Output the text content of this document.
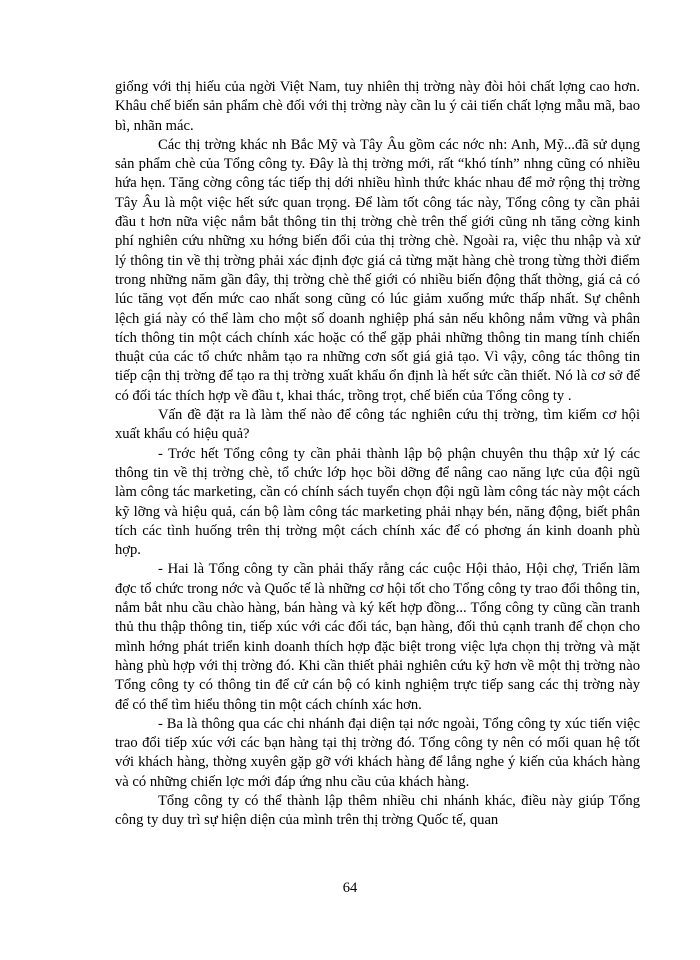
giống với thị hiếu của ngời Việt Nam, tuy nhiên thị trờng này đòi hỏi chất lợng cao hơn. Khâu chế biến sản phẩm chè đối với thị trờng này cần lu ý cải tiến chất lợng mẫu mã, bao bì, nhãn mác.

Các thị trờng khác nh Bắc Mỹ và Tây Âu gồm các nớc nh: Anh, Mỹ...đã sử dụng sản phẩm chè của Tổng công ty. Đây là thị trờng mới, rất “khó tính” nhng cũng có nhiều hứa hẹn. Tăng cờng công tác tiếp thị dới nhiều hình thức khác nhau để mở rộng thị trờng Tây Âu là một việc hết sức quan trọng. Để làm tốt công tác này, Tổng công ty cần phải đầu t hơn nữa việc nắm bắt thông tin thị trờng chè trên thế giới cũng nh tăng cờng kinh phí nghiên cứu những xu hớng biến đổi của thị trờng chè. Ngoài ra, việc thu nhập và xử lý thông tin về thị trờng phải xác định đợc giá cả từng mặt hàng chè trong từng thời điểm trong những năm gần đây, thị trờng chè thế giới có nhiều biến động thất thờng, giá cả có lúc tăng vọt đến mức cao nhất song cũng có lúc giảm xuống mức thấp nhất. Sự chênh lệch giá này có thể làm cho một số doanh nghiệp phá sản nếu không nắm vững và phân tích thông tin một cách chính xác hoặc có thể gặp phải những thông tin mang tính chiến thuật của các tổ chức nhằm tạo ra những cơn sốt giá giả tạo. Vì vậy, công tác thông tin tiếp cận thị trờng để tạo ra thị trờng xuất khẩu ổn định là hết sức cần thiết. Nó là cơ sở để có đối tác thích hợp về đầu t, khai thác, trồng trọt, chế biến của Tổng công ty .

Vấn đề đặt ra là làm thế nào để công tác nghiên cứu thị trờng, tìm kiếm cơ hội xuất khẩu có hiệu quả?

- Trớc hết Tổng công ty cần phải thành lập bộ phận chuyên thu thập xử lý các thông tin về thị trờng chè, tổ chức lớp học bồi dỡng để nâng cao năng lực của đội ngũ làm công tác marketing, cần có chính sách tuyển chọn đội ngũ làm công tác này một cách kỹ lỡng và hiệu quả, cán bộ làm công tác marketing phải nhạy bén, năng động, biết phân tích các tình huống trên thị trờng một cách chính xác để có phơng án kinh doanh phù hợp.

- Hai là Tổng công ty cần phải thấy rằng các cuộc Hội thảo, Hội chợ, Triển lãm đợc tổ chức trong nớc và Quốc tế là những cơ hội tốt cho Tổng công ty trao đổi thông tin, nắm bắt nhu cầu chào hàng, bán hàng và ký kết hợp đồng... Tổng công ty cũng cần tranh thủ thu thập thông tin, tiếp xúc với các đối tác, bạn hàng, đối thủ cạnh tranh để chọn cho mình hớng phát triển kinh doanh thích hợp đặc biệt trong việc lựa chọn thị trờng và mặt hàng phù hợp với thị trờng đó. Khi cần thiết phải nghiên cứu kỹ hơn về một thị trờng nào Tổng công ty có thông tin để cử cán bộ có kinh nghiệm trực tiếp sang các thị trờng này để có thể tìm hiểu thông tin một cách chính xác hơn.

- Ba là thông qua các chi nhánh đại diện tại nớc ngoài, Tổng công ty xúc tiến việc trao đổi tiếp xúc với các bạn hàng tại thị trờng đó. Tổng công ty nên có mối quan hệ tốt với khách hàng, thờng xuyên gặp gỡ với khách hàng để lắng nghe ý kiến của khách hàng và có những chiến lợc mới đáp ứng nhu cầu của khách hàng.

Tổng công ty có thể thành lập thêm nhiều chi nhánh khác, điều này giúp Tổng công ty duy trì sự hiện diện của mình trên thị trờng Quốc tế, quan

64
